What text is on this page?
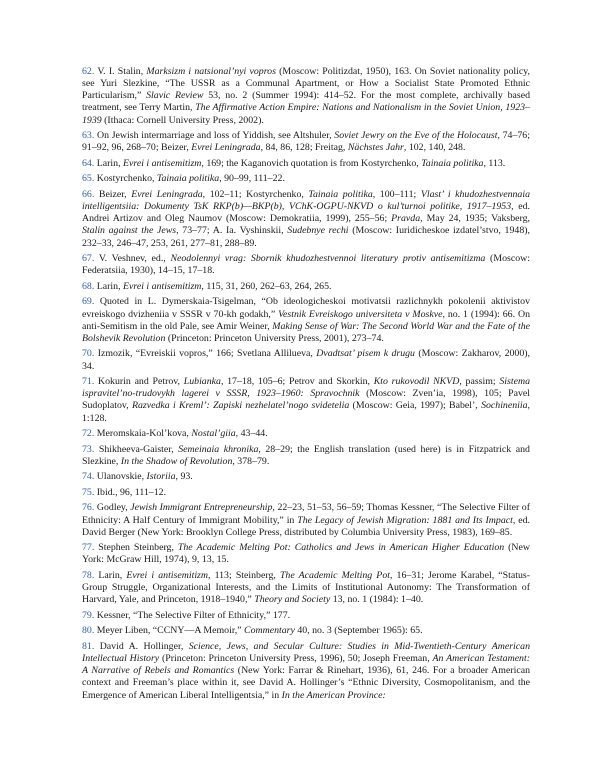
62 . V. I. Stalin, Marksizm i natsional’nyi vopros (Moscow: Politizdat, 1950), 163. On Soviet nationality policy, see Yuri Slezkine, “The USSR as a Communal Apartment, or How a Socialist State Promoted Ethnic Particularism,” Slavic Review 53, no. 2 (Summer 1994): 414–52. For the most complete, archivally based treatment, see Terry Martin, The Affirmative Action Empire: Nations and Nationalism in the Soviet Union, 1923–1939 (Ithaca: Cornell University Press, 2002).

63 . On Jewish intermarriage and loss of Yiddish, see Altshuler, Soviet Jewry on the Eve of the Holocaust, 74–76; 91–92, 96, 268–70; Beizer, Evrei Leningrada, 84, 86, 128; Freitag, Nächstes Jahr, 102, 140, 248.

64 . Larin, Evrei i antisemitizm, 169; the Kaganovich quotation is from Kostyrchenko, Tainaia politika, 113.

65 . Kostyrchenko, Tainaia politika, 90–99, 111–22.

66 . Beizer, Evrei Leningrada, 102–11; Kostyrchenko, Tainaia politika, 100–111; Vlast’ i khudozhestvennaia intelligentsiia: Dokumenty TsK RKP(b)—BKP(b), VChK-OGPU-NKVD o kul’turnoi politike, 1917–1953, ed. Andrei Artizov and Oleg Naumov (Moscow: Demokratiia, 1999), 255–56; Pravda, May 24, 1935; Vaksberg, Stalin against the Jews, 73–77; A. Ia. Vyshinskii, Sudebnye rechi (Moscow: Iuridicheskoe izdatel’stvo, 1948), 232–33, 246–47, 253, 261, 277–81, 288–89.

67 . V. Veshnev, ed., Neodolennyi vrag: Sbornik khudozhestvennoi literatury protiv antisemitizma (Moscow: Federatsiia, 1930), 14–15, 17–18.

68 . Larin, Evrei i antisemitizm, 115, 31, 260, 262–63, 264, 265.

69 . Quoted in L. Dymerskaia-Tsigelman, “Ob ideologicheskoi motivatsii razlichnykh pokolenii aktivistov evreiskogo dvizheniia v SSSR v 70-kh godakh,” Vestnik Evreiskogo universiteta v Moskve, no. 1 (1994): 66. On anti-Semitism in the old Pale, see Amir Weiner, Making Sense of War: The Second World War and the Fate of the Bolshevik Revolution (Princeton: Princeton University Press, 2001), 273–74.

70 . Izmozik, “Evreiskii vopros,” 166; Svetlana Allilueva, Dvadtsat’ pisem k drugu (Moscow: Zakharov, 2000), 34.

71 . Kokurin and Petrov, Lubianka, 17–18, 105–6; Petrov and Skorkin, Kto rukovodil NKVD, passim; Sistema ispravitel’no-trudovykh lagerei v SSSR, 1923–1960: Spravochnik (Moscow: Zven’ia, 1998), 105; Pavel Sudoplatov, Razvedka i Kreml’: Zapiski nezhelatel’nogo svidetelia (Moscow: Geia, 1997); Babel’, Sochineniia, 1:128.

72 . Meromskaia-Kol’kova, Nostal’giia, 43–44.

73 . Shikheeva-Gaister, Semeinaia khronika, 28–29; the English translation (used here) is in Fitzpatrick and Slezkine, In the Shadow of Revolution, 378–79.

74 . Ulanovskie, Istoriia, 93.

75 . Ibid., 96, 111–12.

76 . Godley, Jewish Immigrant Entrepreneurship, 22–23, 51–53, 56–59; Thomas Kessner, “The Selective Filter of Ethnicity: A Half Century of Immigrant Mobility,” in The Legacy of Jewish Migration: 1881 and Its Impact, ed. David Berger (New York: Brooklyn College Press, distributed by Columbia University Press, 1983), 169–85.

77 . Stephen Steinberg, The Academic Melting Pot: Catholics and Jews in American Higher Education (New York: McGraw Hill, 1974), 9, 13, 15.

78 . Larin, Evrei i antisemitizm, 113; Steinberg, The Academic Melting Pot, 16–31; Jerome Karabel, “Status-Group Struggle, Organizational Interests, and the Limits of Institutional Autonomy: The Transformation of Harvard, Yale, and Princeton, 1918–1940,” Theory and Society 13, no. 1 (1984): 1–40.

79 . Kessner, “The Selective Filter of Ethnicity,” 177.

80 . Meyer Liben, “CCNY—A Memoir,” Commentary 40, no. 3 (September 1965): 65.

81 . David A. Hollinger, Science, Jews, and Secular Culture: Studies in Mid-Twentieth-Century American Intellectual History (Princeton: Princeton University Press, 1996), 50; Joseph Freeman, An American Testament: A Narrative of Rebels and Romantics (New York: Farrar & Rinehart, 1936), 61, 246. For a broader American context and Freeman’s place within it, see David A. Hollinger’s “Ethnic Diversity, Cosmopolitanism, and the Emergence of American Liberal Intelligentsia,” in In the American Province:
